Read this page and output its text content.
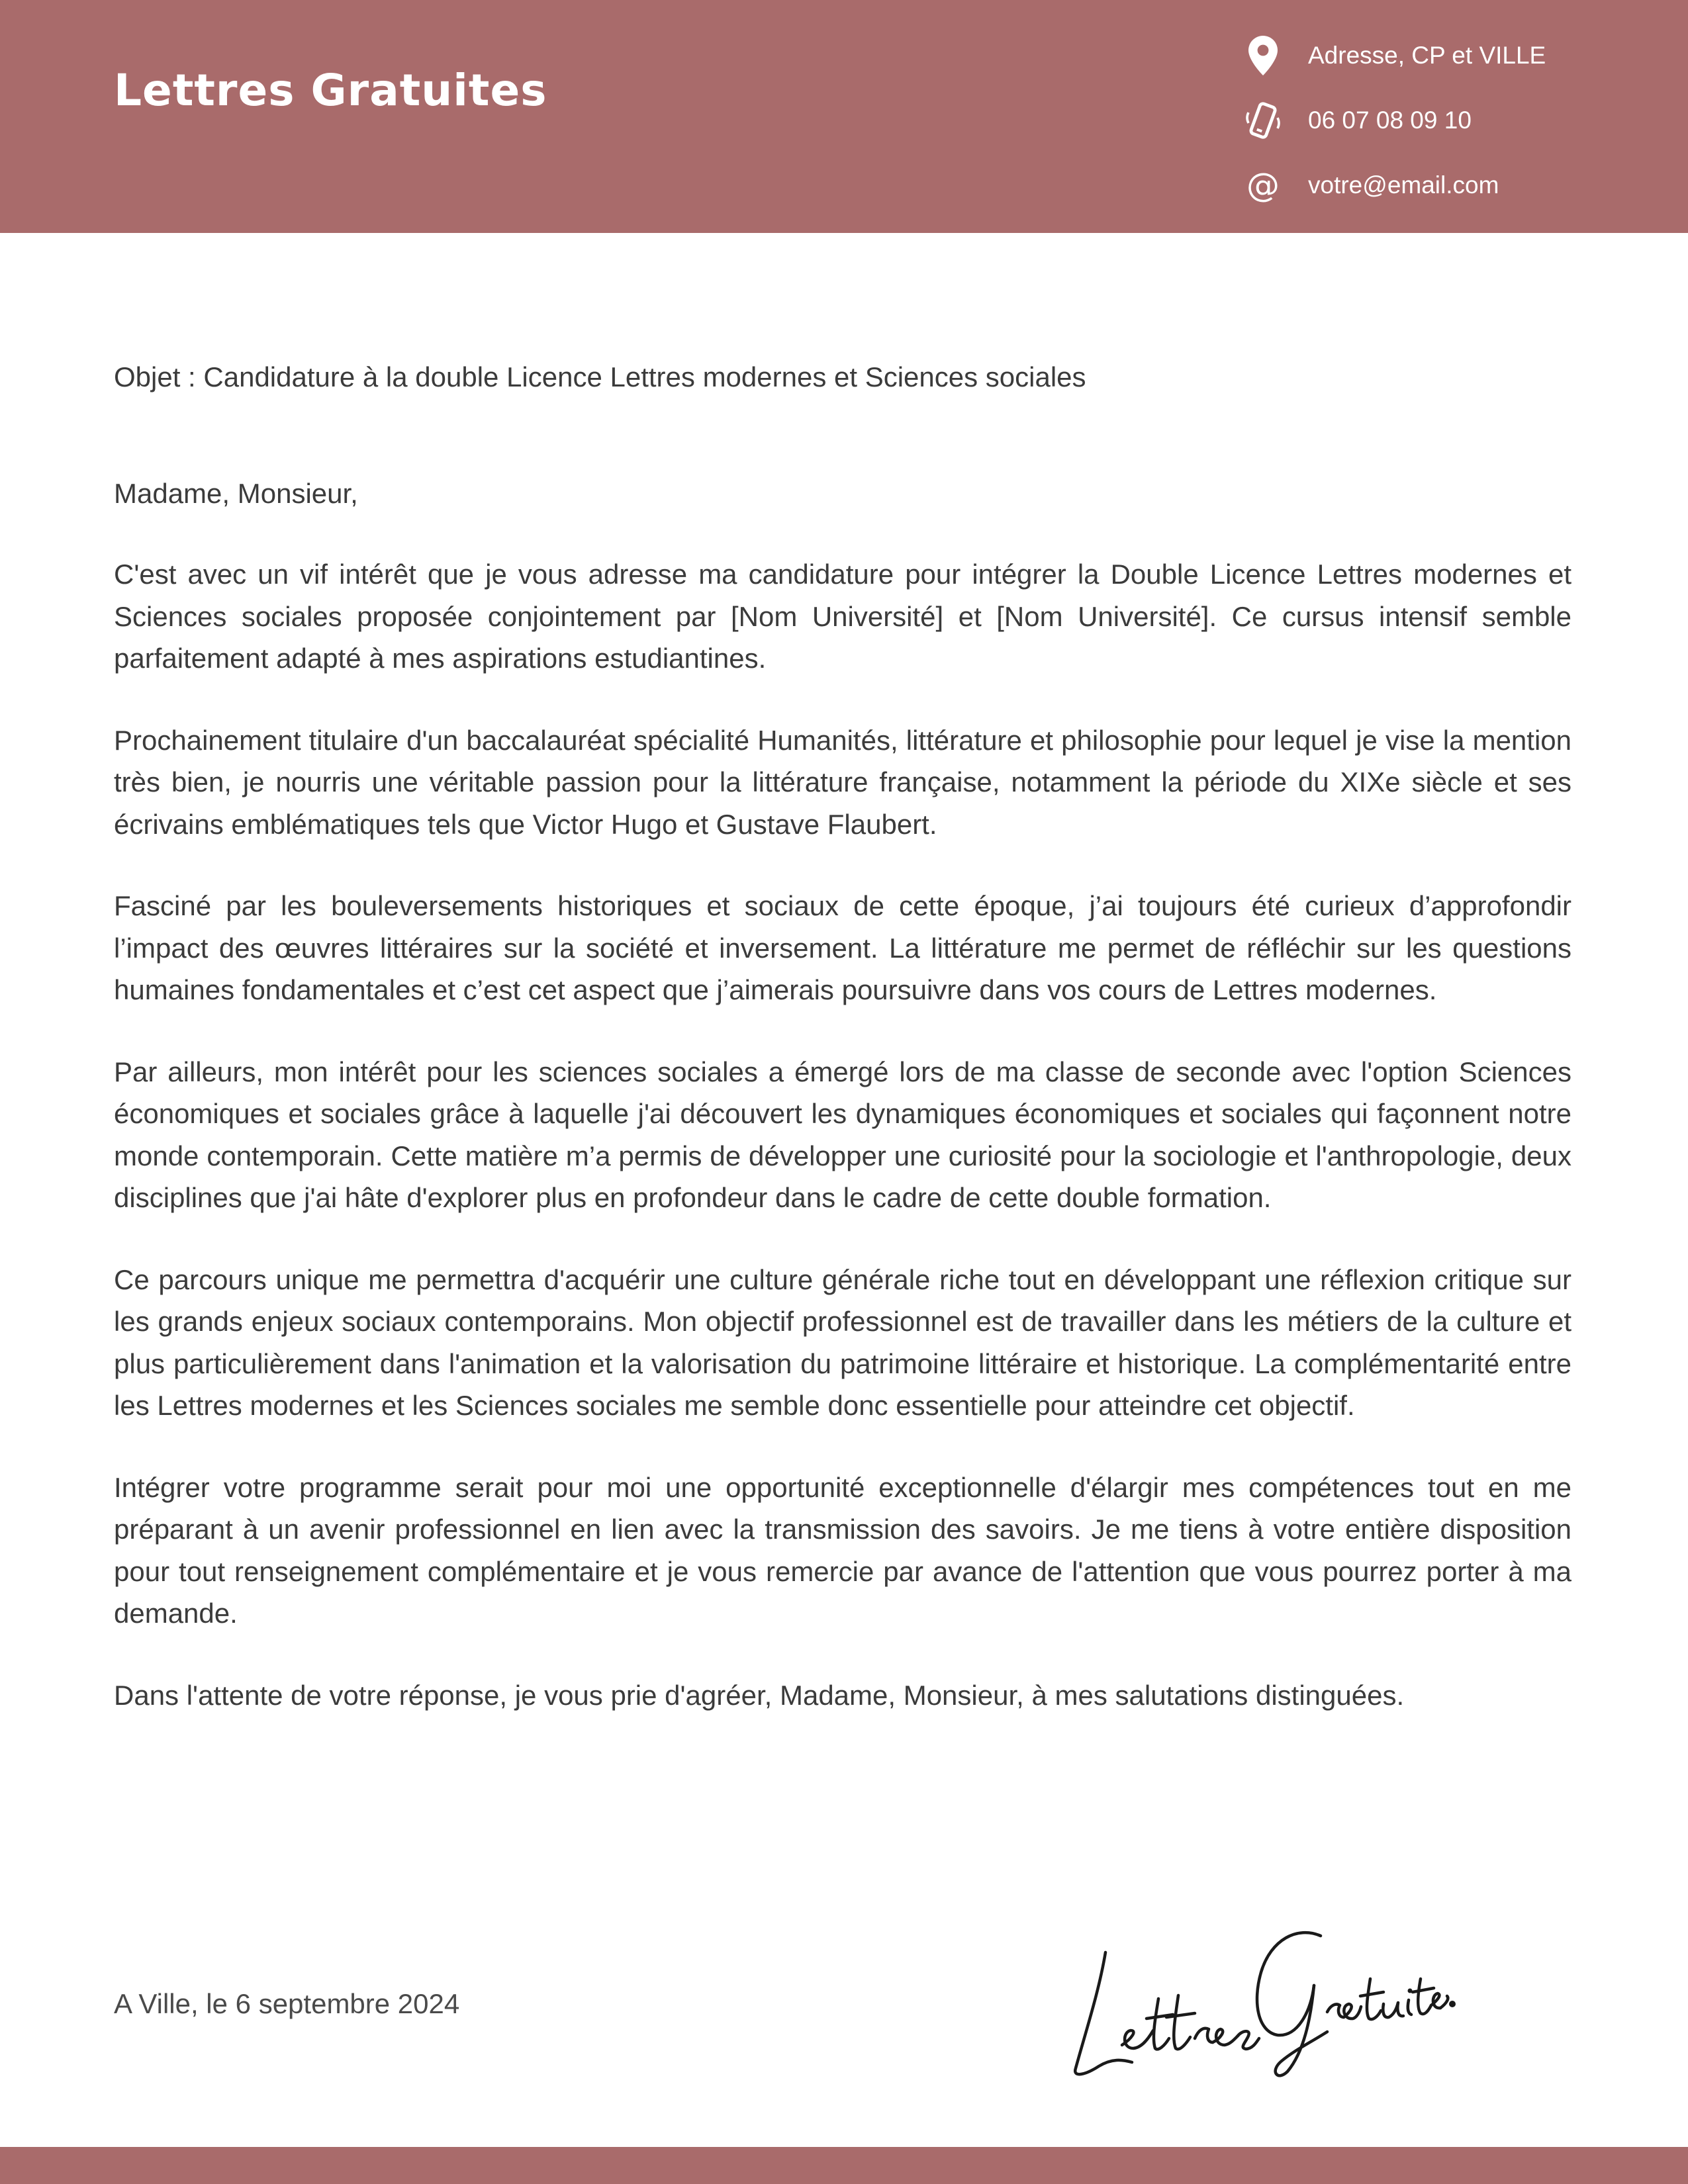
Lettres Gratuites
Adresse, CP et VILLE
06 07 08 09 10
@ votre@email.com

Objet : Candidature à la double Licence Lettres modernes et Sciences sociales

Madame, Monsieur,

C'est avec un vif intérêt que je vous adresse ma candidature pour intégrer la Double Licence Lettres modernes et Sciences sociales proposée conjointement par [Nom Université] et [Nom Université]. Ce cursus intensif semble parfaitement adapté à mes aspirations estudiantines.

Prochainement titulaire d'un baccalauréat spécialité Humanités, littérature et philosophie pour lequel je vise la mention très bien, je nourris une véritable passion pour la littérature française, notamment la période du XIXe siècle et ses écrivains emblématiques tels que Victor Hugo et Gustave Flaubert.

Fasciné par les bouleversements historiques et sociaux de cette époque, j’ai toujours été curieux d’approfondir l’impact des œuvres littéraires sur la société et inversement. La littérature me permet de réfléchir sur les questions humaines fondamentales et c’est cet aspect que j’aimerais poursuivre dans vos cours de Lettres modernes.

Par ailleurs, mon intérêt pour les sciences sociales a émergé lors de ma classe de seconde avec l'option Sciences économiques et sociales grâce à laquelle j'ai découvert les dynamiques économiques et sociales qui façonnent notre monde contemporain. Cette matière m’a permis de développer une curiosité pour la sociologie et l'anthropologie, deux disciplines que j'ai hâte d'explorer plus en profondeur dans le cadre de cette double formation.

Ce parcours unique me permettra d'acquérir une culture générale riche tout en développant une réflexion critique sur les grands enjeux sociaux contemporains. Mon objectif professionnel est de travailler dans les métiers de la culture et plus particulièrement dans l'animation et la valorisation du patrimoine littéraire et historique. La complémentarité entre les Lettres modernes et les Sciences sociales me semble donc essentielle pour atteindre cet objectif.

Intégrer votre programme serait pour moi une opportunité exceptionnelle d'élargir mes compétences tout en me préparant à un avenir professionnel en lien avec la transmission des savoirs. Je me tiens à votre entière disposition pour tout renseignement complémentaire et je vous remercie par avance de l'attention que vous pourrez porter à ma demande.

Dans l'attente de votre réponse, je vous prie d'agréer, Madame, Monsieur, à mes salutations distinguées.

A Ville, le 6 septembre 2024
